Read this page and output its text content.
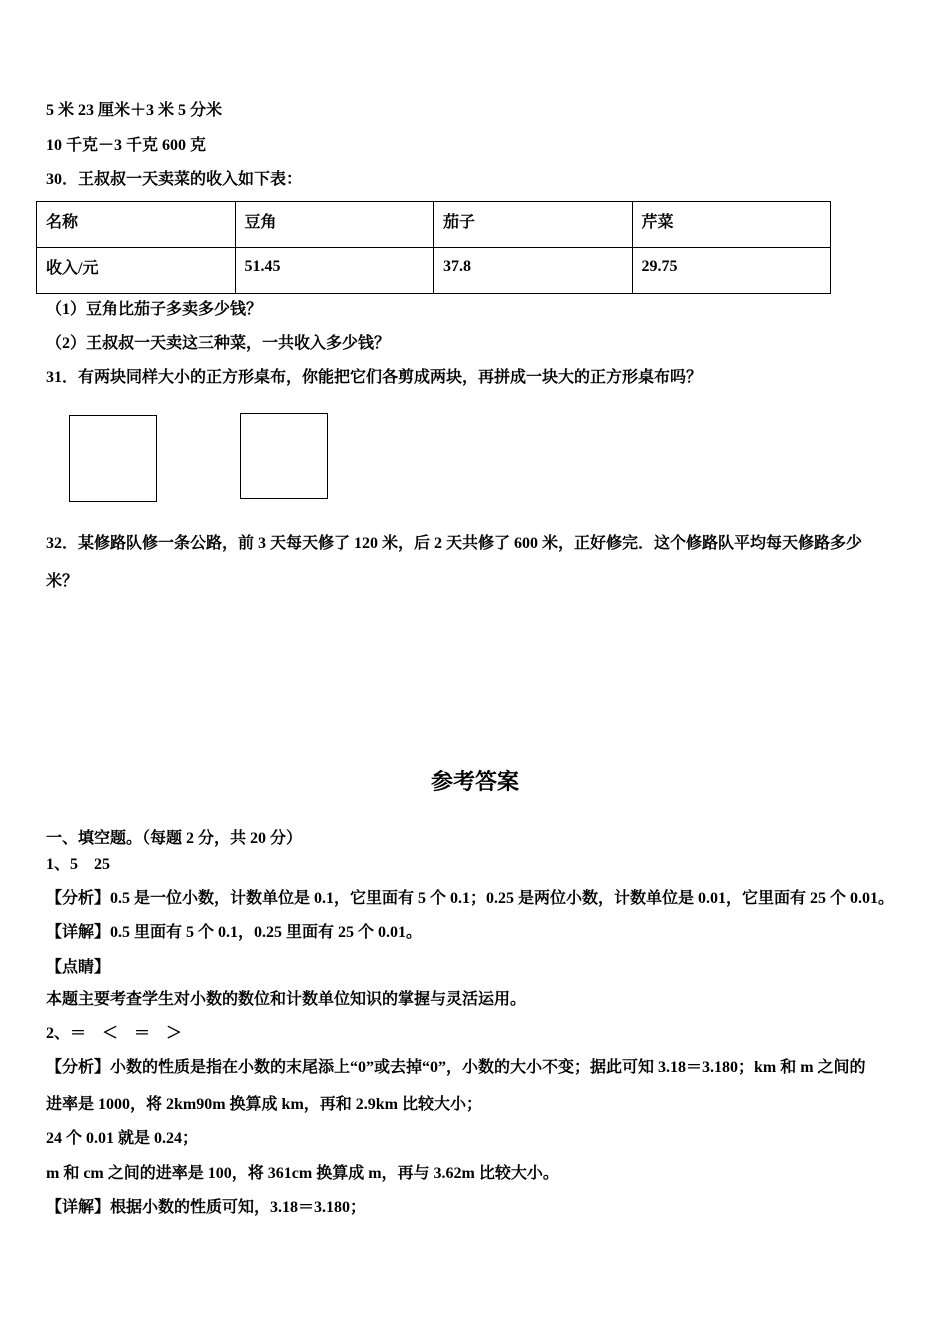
5 米 23 厘米＋3 米 5 分米
10 千克－3 千克 600 克
30．王叔叔一天卖菜的收入如下表：
名称	豆角	茄子	芹菜
收入/元	51.45	37.8	29.75
（1）豆角比茄子多卖多少钱？
（2）王叔叔一天卖这三种菜，一共收入多少钱？
31．有两块同样大小的正方形桌布，你能把它们各剪成两块，再拼成一块大的正方形桌布吗？
32．某修路队修一条公路，前 3 天每天修了 120 米，后 2 天共修了 600 米，正好修完．这个修路队平均每天修路多少
米？
参考答案
一、填空题。（每题 2 分，共 20 分）
1、5　25
【分析】0.5 是一位小数，计数单位是 0.1，它里面有 5 个 0.1；0.25 是两位小数，计数单位是 0.01，它里面有 25 个 0.01。
【详解】0.5 里面有 5 个 0.1，0.25 里面有 25 个 0.01。
【点睛】
本题主要考查学生对小数的数位和计数单位知识的掌握与灵活运用。
2、＝　＜　＝　＞
【分析】小数的性质是指在小数的末尾添上“0”或去掉“0”，小数的大小不变；据此可知 3.18＝3.180；km 和 m 之间的
进率是 1000，将 2km90m 换算成 km，再和 2.9km 比较大小；
24 个 0.01 就是 0.24；
m 和 cm 之间的进率是 100，将 361cm 换算成 m，再与 3.62m 比较大小。
【详解】根据小数的性质可知，3.18＝3.180；
